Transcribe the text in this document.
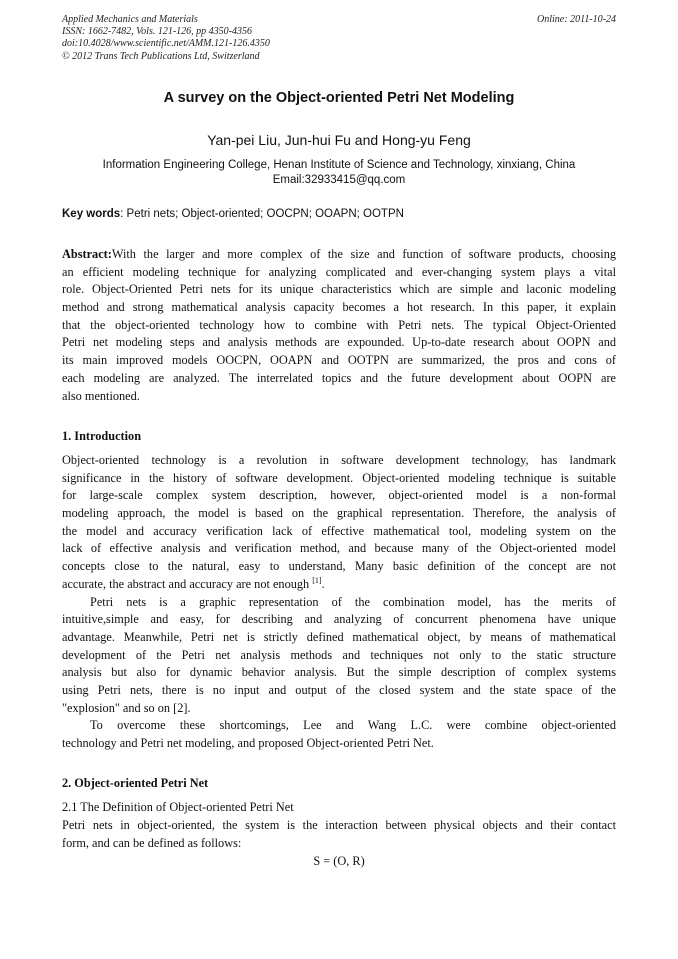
Applied Mechanics and Materials
ISSN: 1662-7482, Vols. 121-126, pp 4350-4356
doi:10.4028/www.scientific.net/AMM.121-126.4350
© 2012 Trans Tech Publications Ltd, Switzerland
Online: 2011-10-24
A survey on the Object-oriented Petri Net Modeling
Yan-pei Liu, Jun-hui Fu and Hong-yu Feng
Information Engineering College, Henan Institute of Science and Technology, xinxiang, China
Email:32933415@qq.com
Key words: Petri nets; Object-oriented; OOCPN; OOAPN; OOTPN
Abstract:With the larger and more complex of the size and function of software products, choosing
an efficient modeling technique for analyzing complicated and ever-changing system plays a vital
role. Object-Oriented Petri nets for its unique characteristics which are simple and laconic modeling
method and strong mathematical analysis capacity becomes a hot research. In this paper, it explain
that the object-oriented technology how to combine with Petri nets. The typical Object-Oriented
Petri net modeling steps and analysis methods are expounded. Up-to-date research about OOPN and
its main improved models OOCPN, OOAPN and OOTPN are summarized, the pros and cons of
each modeling are analyzed. The interrelated topics and the future development about OOPN are
also mentioned.
1. Introduction
Object-oriented technology is a revolution in software development technology, has landmark
significance in the history of software development. Object-oriented modeling technique is suitable
for large-scale complex system description, however, object-oriented model is a non-formal
modeling approach, the model is based on the graphical representation. Therefore, the analysis of
the model and accuracy verification lack of effective mathematical tool, modeling system on the
lack of effective analysis and verification method, and because many of the Object-oriented model
concepts close to the natural, easy to understand, Many basic definition of the concept are not
accurate, the abstract and accuracy are not enough [1].
Petri nets is a graphic representation of the combination model, has the merits of
intuitive,simple and easy, for describing and analyzing of concurrent phenomena have unique
advantage. Meanwhile, Petri net is strictly defined mathematical object, by means of mathematical
development of the Petri net analysis methods and techniques not only to the static structure
analysis but also for dynamic behavior analysis. But the simple description of complex systems
using Petri nets, there is no input and output of the closed system and the state space of the
"explosion" and so on [2].
To overcome these shortcomings, Lee and Wang L.C. were combine object-oriented
technology and Petri net modeling, and proposed Object-oriented Petri Net.
2. Object-oriented Petri Net
2.1 The Definition of Object-oriented Petri Net
Petri nets in object-oriented, the system is the interaction between physical objects and their contact
form, and can be defined as follows:
S = (O, R)
